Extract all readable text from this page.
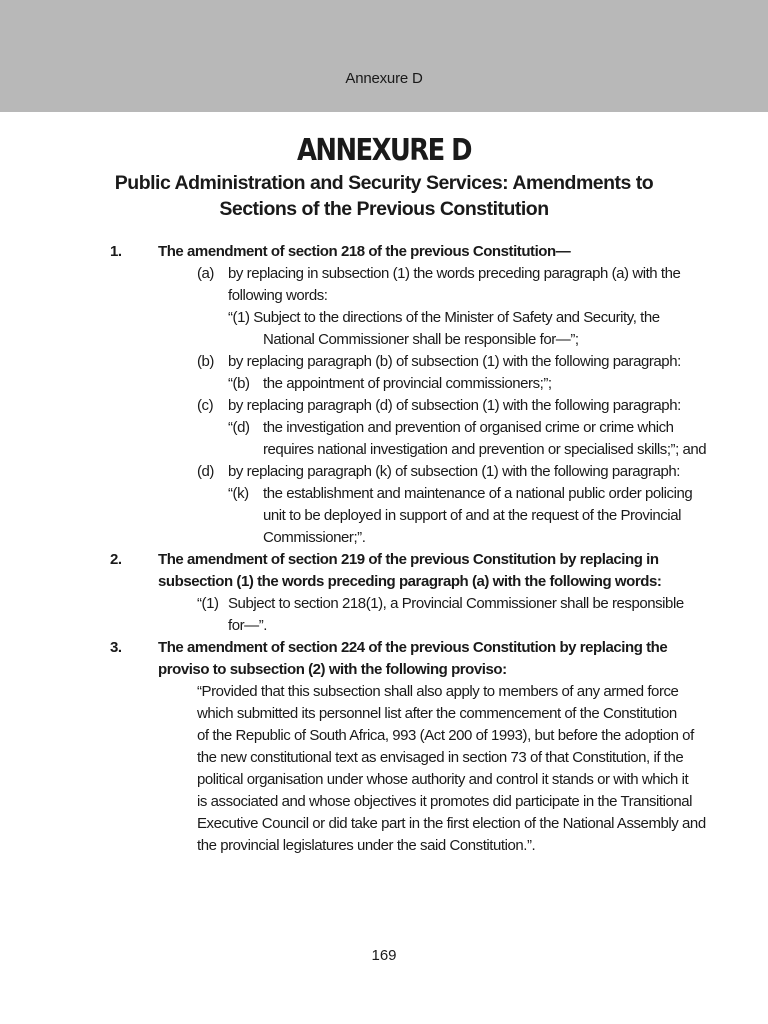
Annexure D
ANNEXURE D
Public Administration and Security Services: Amendments to
Sections of the Previous Constitution
1. The amendment of section 218 of the previous Constitution—
(a) by replacing in subsection (1) the words preceding paragraph (a) with the
following words:
“(1) Subject to the directions of the Minister of Safety and Security, the
National Commissioner shall be responsible for—”;
(b) by replacing paragraph (b) of subsection (1) with the following paragraph:
“(b) the appointment of provincial commissioners;”;
(c) by replacing paragraph (d) of subsection (1) with the following paragraph:
“(d) the investigation and prevention of organised crime or crime which
requires national investigation and prevention or specialised skills;”; and
(d) by replacing paragraph (k) of subsection (1) with the following paragraph:
“(k) the establishment and maintenance of a national public order policing
unit to be deployed in support of and at the request of the Provincial
Commissioner;”.
2. The amendment of section 219 of the previous Constitution by replacing in
subsection (1) the words preceding paragraph (a) with the following words:
“(1) Subject to section 218(1), a Provincial Commissioner shall be responsible
for—”.
3. The amendment of section 224 of the previous Constitution by replacing the
proviso to subsection (2) with the following proviso:
“Provided that this subsection shall also apply to members of any armed force
which submitted its personnel list after the commencement of the Constitution
of the Republic of South Africa, 993 (Act 200 of 1993), but before the adoption of
the new constitutional text as envisaged in section 73 of that Constitution, if the
political organisation under whose authority and control it stands or with which it
is associated and whose objectives it promotes did participate in the Transitional
Executive Council or did take part in the first election of the National Assembly and
the provincial legislatures under the said Constitution.”.
169
